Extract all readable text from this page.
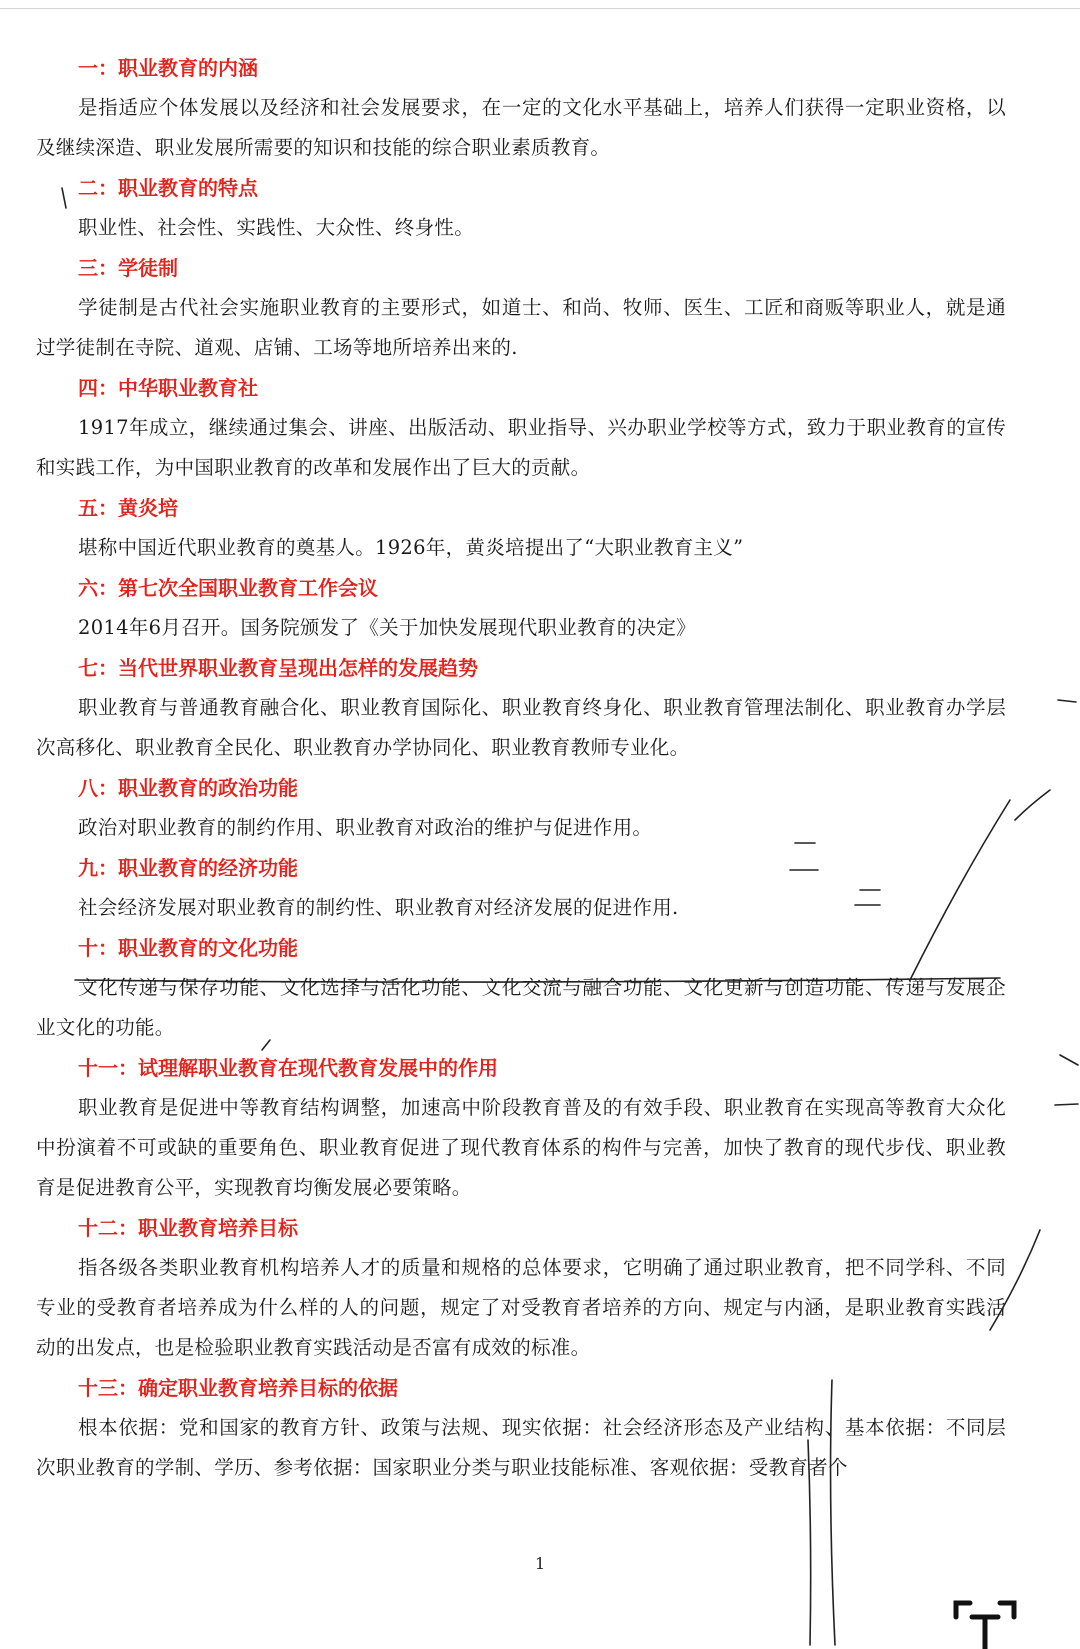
一：职业教育的内涵
是指适应个体发展以及经济和社会发展要求，在一定的文化水平基础上，培养人们获得一定职业资格，以及继续深造、职业发展所需要的知识和技能的综合职业素质教育。
二：职业教育的特点
职业性、社会性、实践性、大众性、终身性。
三：学徒制
学徒制是古代社会实施职业教育的主要形式，如道士、和尚、牧师、医生、工匠和商贩等职业人，就是通过学徒制在寺院、道观、店铺、工场等地所培养出来的.
四：中华职业教育社
1917年成立，继续通过集会、讲座、出版活动、职业指导、兴办职业学校等方式，致力于职业教育的宣传和实践工作，为中国职业教育的改革和发展作出了巨大的贡献。
五：黄炎培
堪称中国近代职业教育的奠基人。1926年，黄炎培提出了“大职业教育主义”
六：第七次全国职业教育工作会议
2014年6月召开。国务院颁发了《关于加快发展现代职业教育的决定》
七：当代世界职业教育呈现出怎样的发展趋势
职业教育与普通教育融合化、职业教育国际化、职业教育终身化、职业教育管理法制化、职业教育办学层次高移化、职业教育全民化、职业教育办学协同化、职业教育教师专业化。
八：职业教育的政治功能
政治对职业教育的制约作用、职业教育对政治的维护与促进作用。
九：职业教育的经济功能
社会经济发展对职业教育的制约性、职业教育对经济发展的促进作用.
十：职业教育的文化功能
文化传递与保存功能、文化选择与活化功能、文化交流与融合功能、文化更新与创造功能、传递与发展企业文化的功能。
十一：试理解职业教育在现代教育发展中的作用
职业教育是促进中等教育结构调整，加速高中阶段教育普及的有效手段、职业教育在实现高等教育大众化中扮演着不可或缺的重要角色、职业教育促进了现代教育体系的构件与完善，加快了教育的现代步伐、职业教育是促进教育公平，实现教育均衡发展必要策略。
十二：职业教育培养目标
指各级各类职业教育机构培养人才的质量和规格的总体要求，它明确了通过职业教育，把不同学科、不同专业的受教育者培养成为什么样的人的问题，规定了对受教育者培养的方向、规定与内涵，是职业教育实践活动的出发点，也是检验职业教育实践活动是否富有成效的标准。
十三：确定职业教育培养目标的依据
根本依据：党和国家的教育方针、政策与法规、现实依据：社会经济形态及产业结构、基本依据：不同层次职业教育的学制、学历、参考依据：国家职业分类与职业技能标准、客观依据：受教育者个
1
